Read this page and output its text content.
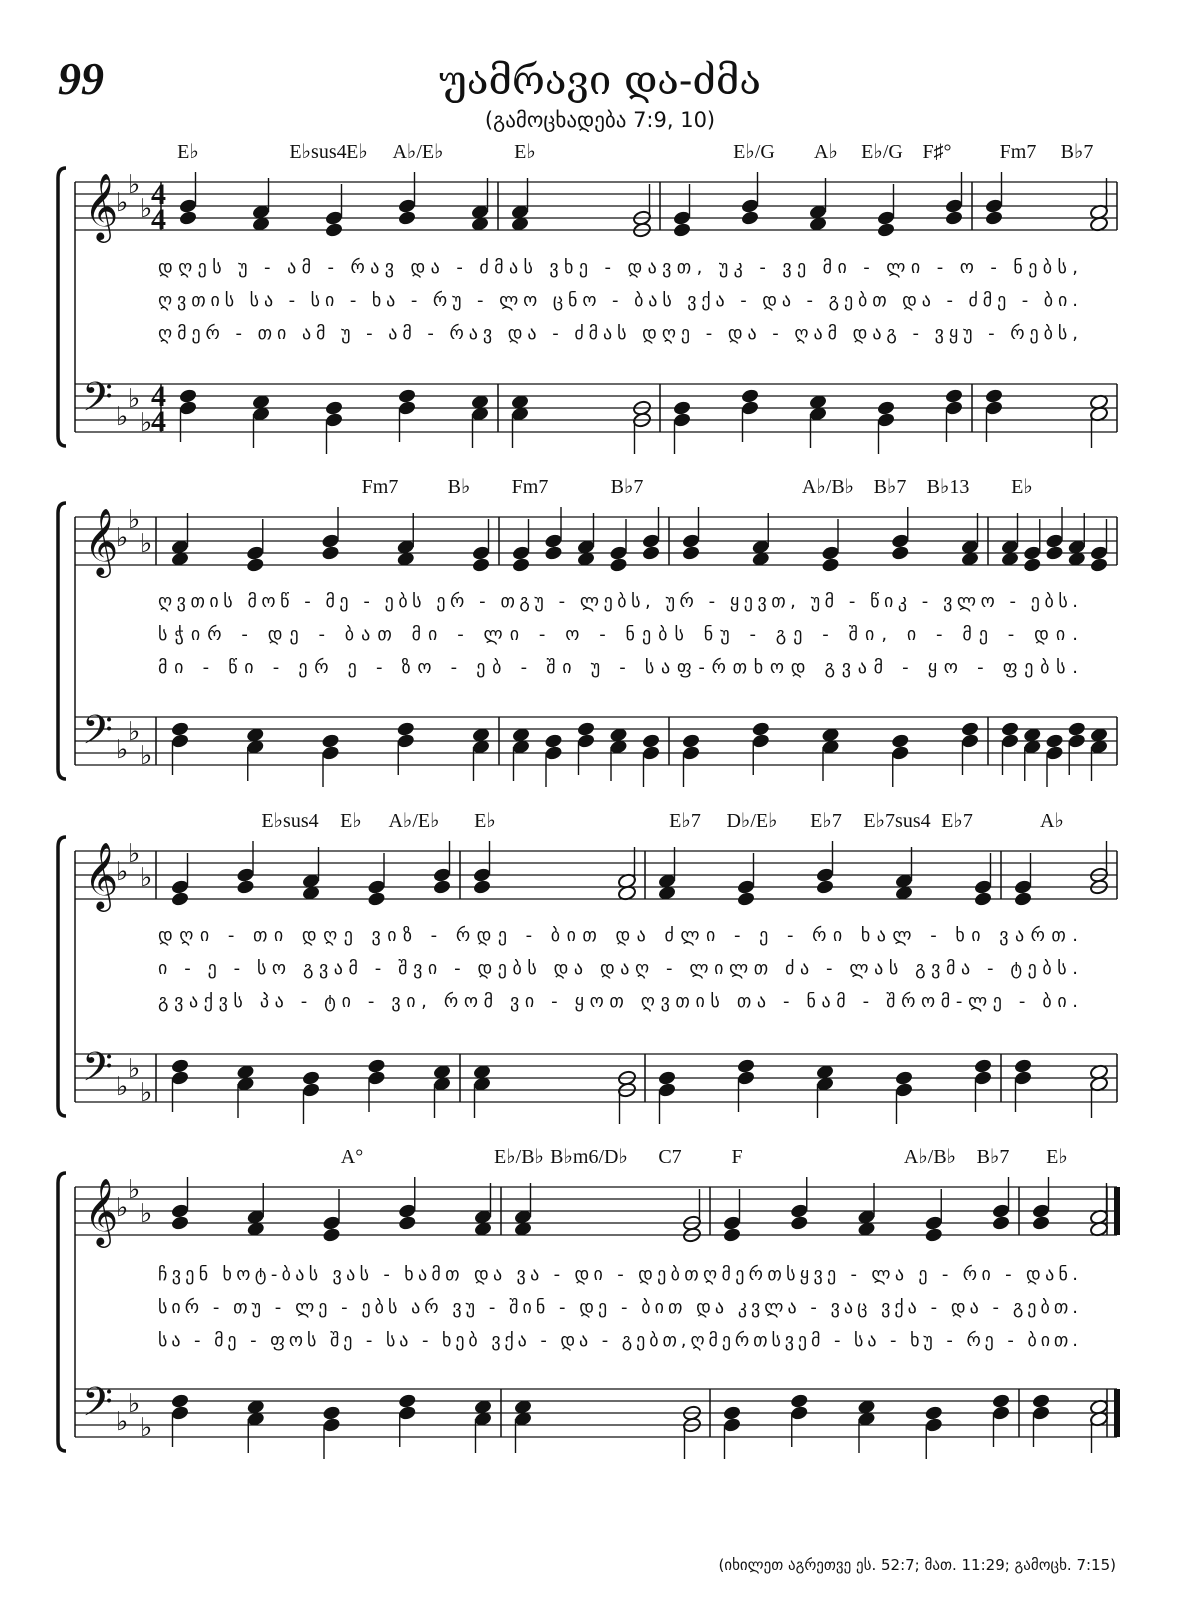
99	უამრავი და-ძმა
(გამოცხადება 7:9, 10)
𝄞
𝄢
♭
♭
♭
♭
♭
♭
4
4
4
4
E♭	E♭sus4 E♭ A♭/E♭	E♭	E♭/G A♭ E♭/G F♯° Fm7 B♭7
დღეს უ - ამ - რავ და - ძმას ვხე - დავთ, უკ - ვე მი - ლი - ო - ნებს,
ღვთის სა - სი - ხა - რუ - ლო ცნო - ბას ვქა - და - გებთ და - ძმე - ბი.
ღმერ - თი ამ უ - ამ - რავ და - ძმას დღე - და - ღამ დაგ - ვყუ - რებს,
𝄞
𝄢
♭
♭
♭
♭
♭
♭
Fm7 B♭ Fm7	B♭7	A♭/B♭ B♭7 B♭13 E♭
ღვთის მოწ - მე - ებს ერ - თგუ - ლებს, ურ - ყევთ, უმ - წიკ - ვლო - ებს.
სჭირ - დე - ბათ მი - ლი - ო - ნებს ნუ - გე - ში, ი - მე - დი.
მი - წი - ერ ე - ზო - ებ - ში უ - საფ-რთხოდ გვამ - ყო - ფებს.
𝄞
𝄢
♭
♭
♭
♭
♭
♭
E♭sus4 E♭ A♭/E♭ E♭	E♭7 D♭/E♭ E♭7 E♭7sus4 E♭7	A♭
დღი - თი დღე ვიზ - რდე - ბით და ძლი - ე - რი ხალ - ხი ვართ.
ი - ე - სო გვამ - შვი - დებს და დაღ - ლილთ ძა - ლას გვმა - ტებს.
გვაქვს პა - ტი - ვი, რომ ვი - ყოთ ღვთის თა - ნამ - შრომ-ლე - ბი.
𝄞
𝄢
♭
♭
♭
♭
♭
♭
A°	E♭/B♭ B♭m6/D♭ C7 F	A♭/B♭ B♭7 E♭
ჩვენ ხოტ-ბას ვას - ხამთ და ვა - დი - დებთღმერთსყვე - ლა ე - რი - დან.
სირ - თუ - ლე - ებს არ ვუ - შინ - დე - ბით და კვლა - ვაც ვქა - და - გებთ.
სა - მე - ფოს შე - სა - ხებ ვქა - და - გებთ,ღმერთსვემ - სა - ხუ - რე - ბით.
(იხილეთ აგრეთვე ეს. 52:7; მათ. 11:29; გამოცხ. 7:15)
